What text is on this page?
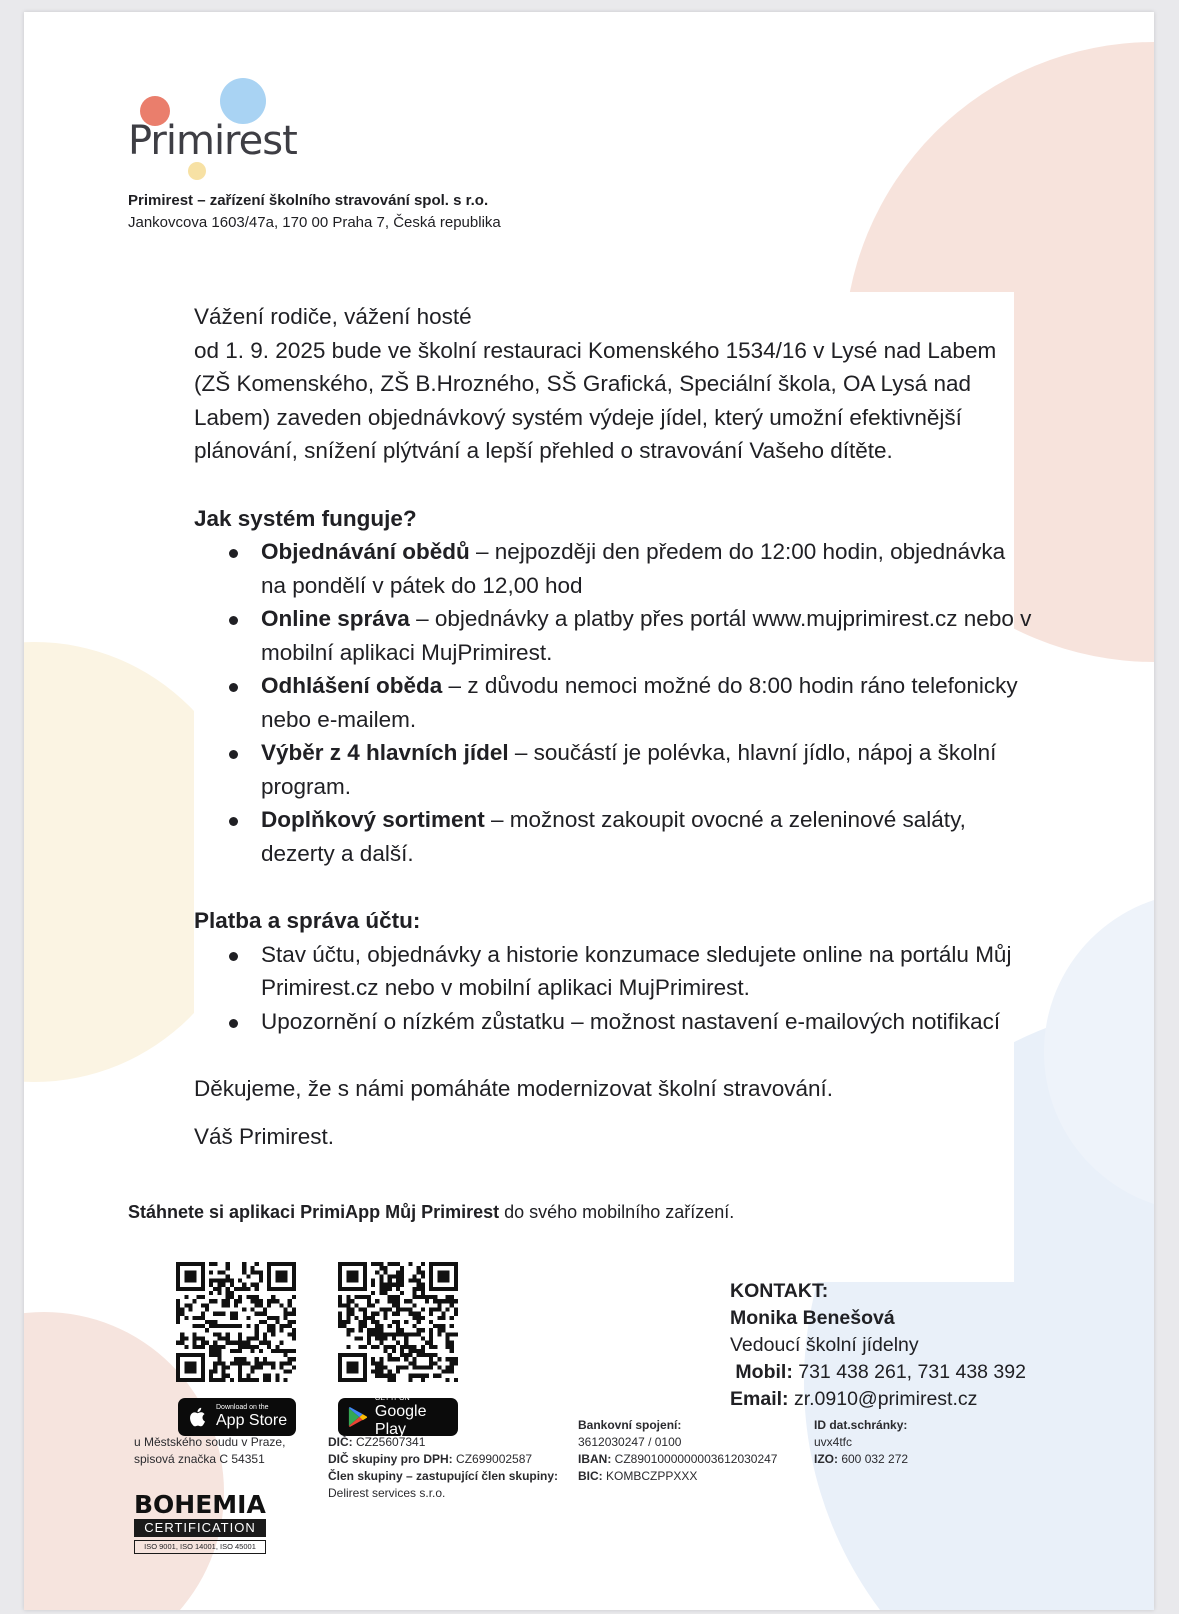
Primirest
Primirest – zařízení školního stravování spol. s r.o.
Jankovcova 1603/47a, 170 00 Praha 7, Česká republika
Vážení rodiče, vážení hosté
od 1. 9. 2025 bude ve školní restauraci Komenského 1534/16 v Lysé nad Labem
(ZŠ Komenského, ZŠ B.Hrozného, SŠ Grafická, Speciální škola, OA Lysá nad
Labem) zaveden objednávkový systém výdeje jídel, který umožní efektivnější
plánování, snížení plýtvání a lepší přehled o stravování Vašeho dítěte.
Jak systém funguje?
Objednávání obědů – nejpozději den předem do 12:00 hodin, objednávka na pondělí v pátek do 12,00 hod
Online správa – objednávky a platby přes portál www.mujprimirest.cz nebo v mobilní aplikaci MujPrimirest.
Odhlášení oběda – z důvodu nemoci možné do 8:00 hodin ráno telefonicky nebo e-mailem.
Výběr z 4 hlavních jídel – součástí je polévka, hlavní jídlo, nápoj a školní program.
Doplňkový sortiment – možnost zakoupit ovocné a zeleninové saláty, dezerty a další.
Platba a správa účtu:
Stav účtu, objednávky a historie konzumace sledujete online na portálu Můj Primirest.cz nebo v mobilní aplikaci MujPrimirest.
Upozornění o nízkém zůstatku – možnost nastavení e-mailových notifikací

Děkujeme, že s námi pomáháte modernizovat školní stravování.

Váš Primirest.

Stáhnete si aplikaci PrimiApp Můj Primirest do svého mobilního zařízení.
Download on the
App Store
GET IT ON
Google Play
KONTAKT:
Monika Benešová
Vedoucí školní jídelny
Mobil: 731 438 261, 731 438 392
Email: zr.0910@primirest.cz
u Městského soudu v Praze,
spisová značka C 54351
DIČ: CZ25607341
DIČ skupiny pro DPH: CZ699002587
Člen skupiny – zastupující člen skupiny:
Delirest services s.r.o.
Bankovní spojení:
3612030247 / 0100
IBAN: CZ8901000000003612030247
BIC: KOMBCZPPXXX
ID dat.schránky:
uvx4tfc
IZO: 600 032 272
BOHEMIA
CERTIFICATION
ISO 9001, ISO 14001, ISO 45001
